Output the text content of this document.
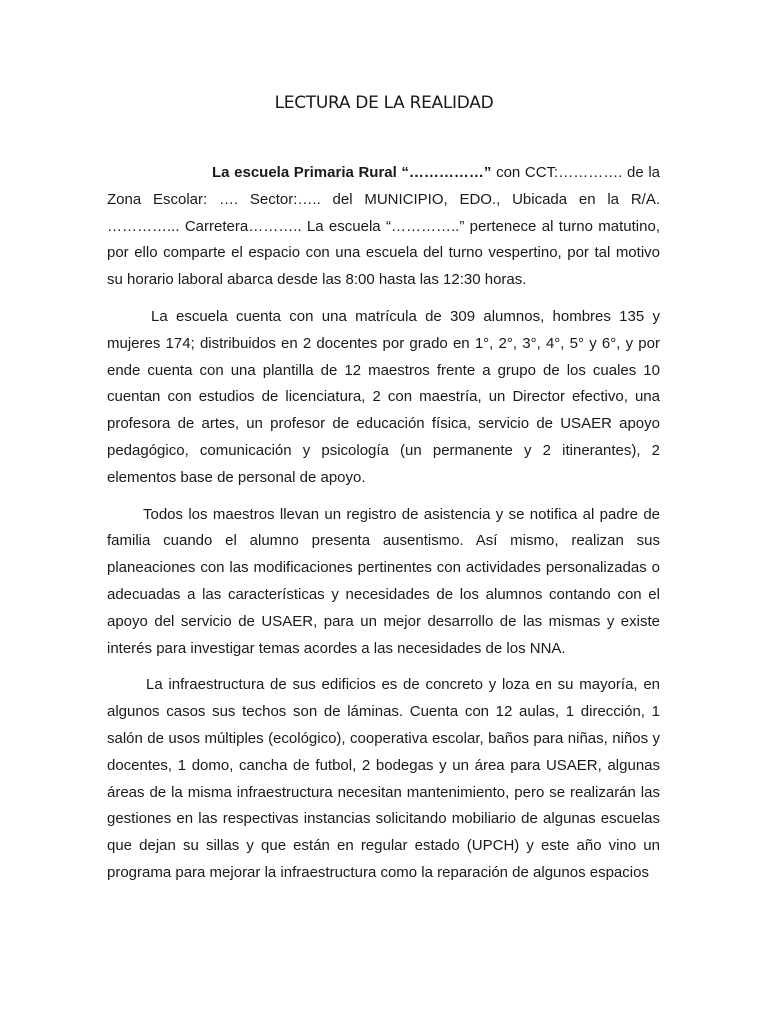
LECTURA DE LA REALIDAD

La escuela Primaria Rural “……………” con CCT:…………. de la Zona Escolar: …. Sector:….. del MUNICIPIO, EDO., Ubicada en la R/A. …………... Carretera……….. La escuela “…………..” pertenece al turno matutino, por ello comparte el espacio con una escuela del turno vespertino, por tal motivo su horario laboral abarca desde las 8:00 hasta las 12:30 horas.

La escuela cuenta con una matrícula de 309 alumnos, hombres 135 y mujeres 174; distribuidos en 2 docentes por grado en 1°, 2°, 3°, 4°, 5° y 6°, y por ende cuenta con una plantilla de 12 maestros frente a grupo de los cuales 10 cuentan con estudios de licenciatura, 2 con maestría, un Director efectivo, una profesora de artes, un profesor de educación física, servicio de USAER apoyo pedagógico, comunicación y psicología (un permanente y 2 itinerantes), 2 elementos base de personal de apoyo.

Todos los maestros llevan un registro de asistencia y se notifica al padre de familia cuando el alumno presenta ausentismo. Así mismo, realizan sus planeaciones con las modificaciones pertinentes con actividades personalizadas o adecuadas a las características y necesidades de los alumnos contando con el apoyo del servicio de USAER, para un mejor desarrollo de las mismas y existe interés para investigar temas acordes a las necesidades de los NNA.

La infraestructura de sus edificios es de concreto y loza en su mayoría, en algunos casos sus techos son de láminas. Cuenta con 12 aulas, 1 dirección, 1 salón de usos múltiples (ecológico), cooperativa escolar, baños para niñas, niños y docentes, 1 domo, cancha de futbol, 2 bodegas y un área para USAER, algunas áreas de la misma infraestructura necesitan mantenimiento, pero se realizarán las gestiones en las respectivas instancias solicitando mobiliario de algunas escuelas que dejan su sillas y que están en regular estado (UPCH) y este año vino un programa para mejorar la infraestructura como la reparación de algunos espacios
